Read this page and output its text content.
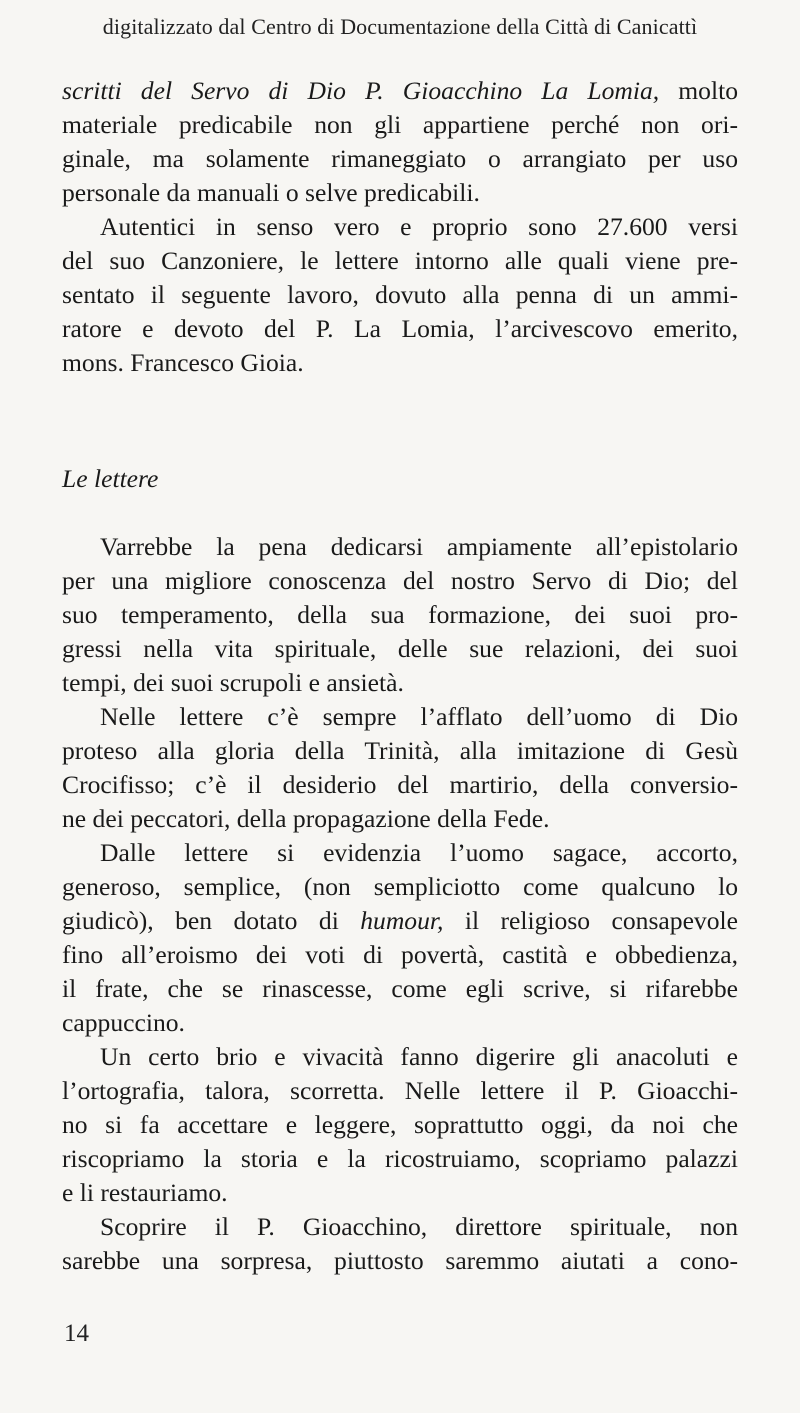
digitalizzato dal Centro di Documentazione della Città di Canicattì
scritti del Servo di Dio P. Gioacchino La Lomia, molto
materiale predicabile non gli appartiene perché non ori-
ginale, ma solamente rimaneggiato o arrangiato per uso
personale da manuali o selve predicabili.
Autentici in senso vero e proprio sono 27.600 versi
del suo Canzoniere, le lettere intorno alle quali viene pre-
sentato il seguente lavoro, dovuto alla penna di un ammi-
ratore e devoto del P. La Lomia, l’arcivescovo emerito,
mons. Francesco Gioia.

Le lettere

Varrebbe la pena dedicarsi ampiamente all’epistolario
per una migliore conoscenza del nostro Servo di Dio; del
suo temperamento, della sua formazione, dei suoi pro-
gressi nella vita spirituale, delle sue relazioni, dei suoi
tempi, dei suoi scrupoli e ansietà.
Nelle lettere c’è sempre l’afflato dell’uomo di Dio
proteso alla gloria della Trinità, alla imitazione di Gesù
Crocifisso; c’è il desiderio del martirio, della conversio-
ne dei peccatori, della propagazione della Fede.
Dalle lettere si evidenzia l’uomo sagace, accorto,
generoso, semplice, (non sempliciotto come qualcuno lo
giudicò), ben dotato di humour, il religioso consapevole
fino all’eroismo dei voti di povertà, castità e obbedienza,
il frate, che se rinascesse, come egli scrive, si rifarebbe
cappuccino.
Un certo brio e vivacità fanno digerire gli anacoluti e
l’ortografia, talora, scorretta. Nelle lettere il P. Gioacchi-
no si fa accettare e leggere, soprattutto oggi, da noi che
riscopriamo la storia e la ricostruiamo, scopriamo palazzi
e li restauriamo.
Scoprire il P. Gioacchino, direttore spirituale, non
sarebbe una sorpresa, piuttosto saremmo aiutati a cono-
14
